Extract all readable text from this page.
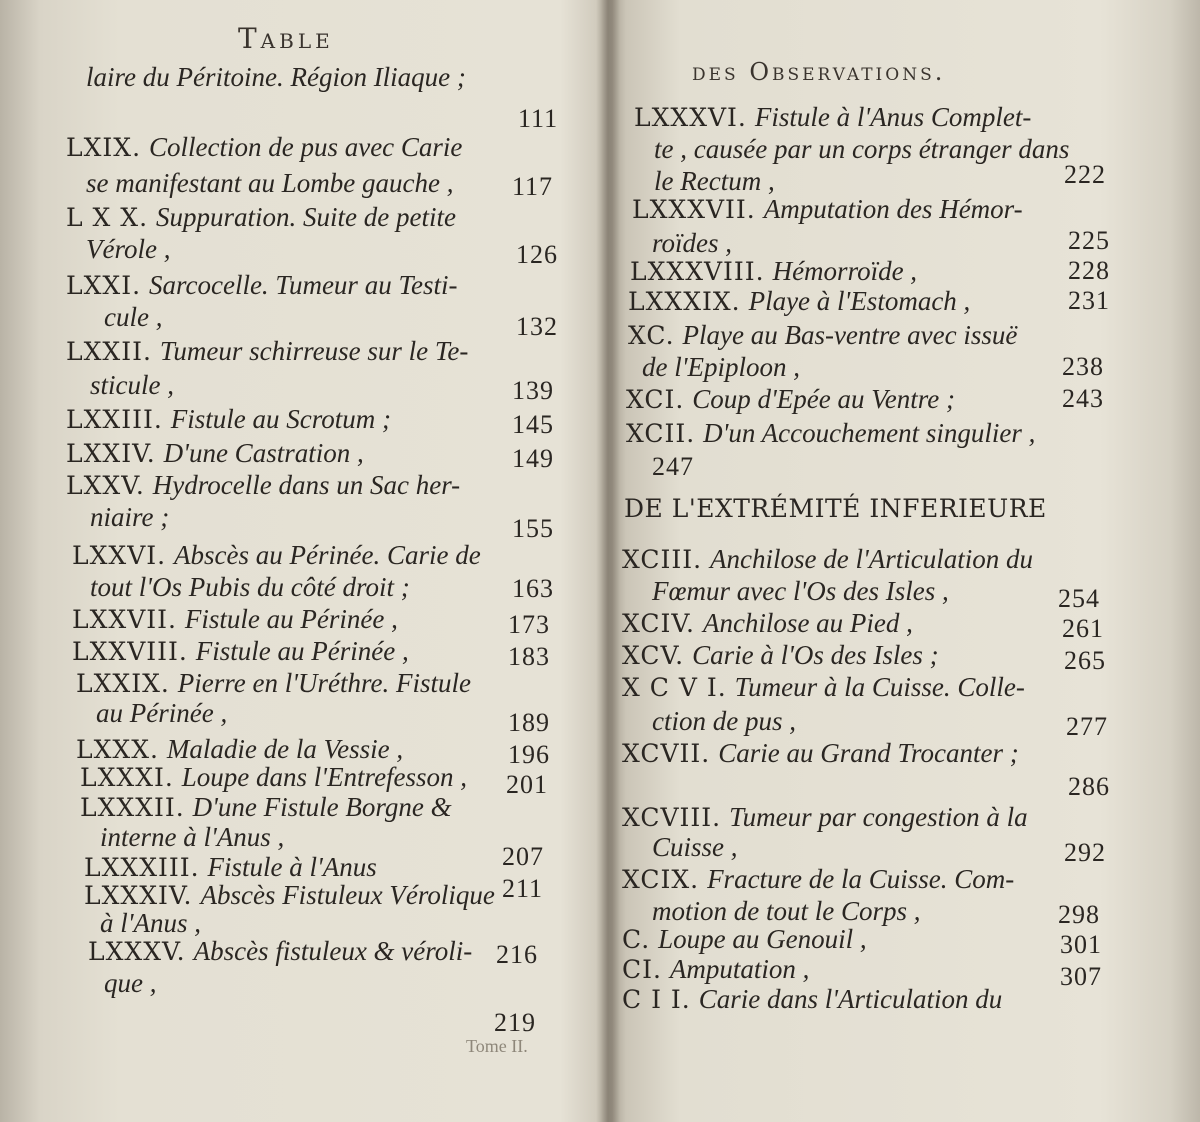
Table
laire du Péritoine. Région Iliaque ;
111
LXIX. Collection de pus avec Carie
se manifestant au Lombe gauche , 117
L X X. Suppuration. Suite de petite
Vérole ,	126
LXXI. Sarcocelle. Tumeur au Testi-
cule ,	132
LXXII. Tumeur schirreuse sur le Te-
sticule ,	139
LXXIII. Fistule au Scrotum ;	145
LXXIV. D'une Castration ,	149
LXXV. Hydrocelle dans un Sac her-
niaire ;	155
LXXVI. Abscès au Périnée. Carie de
tout l'Os Pubis du côté droit ;	163
LXXVII. Fistule au Périnée ,	173
LXXVIII. Fistule au Périnée ,	183
LXXIX. Pierre en l'Uréthre. Fistule
au Périnée ,	189
LXXX. Maladie de la Vessie ,	196
LXXXI. Loupe dans l'Entrefesson , 201
LXXXII. D'une Fistule Borgne &
interne à l'Anus ,
207
LXXXIII. Fistule à l'Anus
211
LXXXIV. Abscès Fistuleux Vérolique
à l'Anus ,
216
LXXXV. Abscès fistuleux & véroli-
que ,
219
Tome II.
des Observations.
LXXXVI. Fistule à l'Anus Complet-
te , causée par un corps étranger dans
le Rectum ,	222
LXXXVII. Amputation des Hémor-
roïdes ,	225
LXXXVIII. Hémorroïde ,	228
LXXXIX. Playe à l'Estomach ,	231
XC. Playe au Bas-ventre avec issuë
de l'Epiploon ,	238
XCI. Coup d'Epée au Ventre ;	243
XCII. D'un Accouchement singulier ,
247
DE L'EXTRÉMITÉ INFERIEURE
XCIII. Anchilose de l'Articulation du
Fœmur avec l'Os des Isles ,	254
XCIV. Anchilose au Pied ,	261
XCV. Carie à l'Os des Isles ;	265
X C V I. Tumeur à la Cuisse. Colle-
ction de pus ,	277
XCVII. Carie au Grand Trocanter ;
286
XCVIII. Tumeur par congestion à la
Cuisse ,	292
XCIX. Fracture de la Cuisse. Com-
motion de tout le Corps ,	298
C. Loupe au Genouil ,	301
CI. Amputation ,	307
C I I. Carie dans l'Articulation du
